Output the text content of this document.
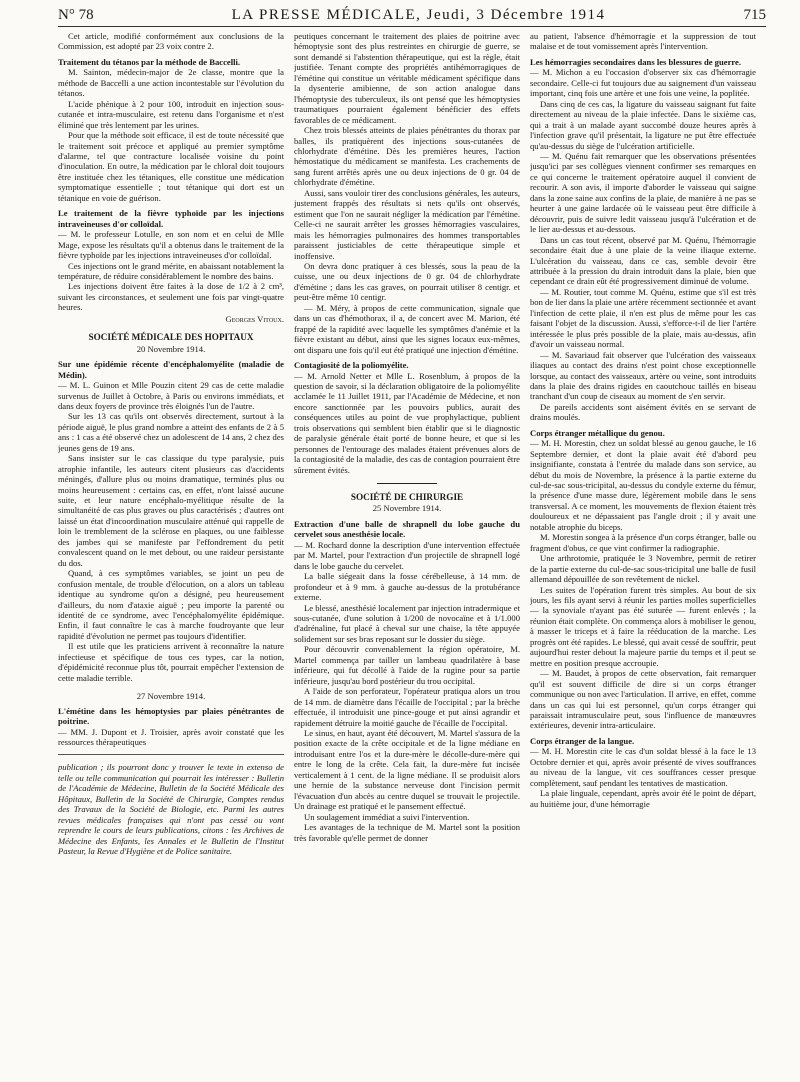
N° 78	LA PRESSE MÉDICALE, Jeudi, 3 Décembre 1914	715

Cet article, modifié conformément aux conclusions de la Commission, est adopté par 23 voix contre 2.

Traitement du tétanos par la méthode de Baccelli.

M. Sainton, médecin-major de 2e classe, montre que la méthode de Baccelli a une action incontestable sur l'évolution du tétanos.

L'acide phénique à 2 pour 100, introduit en injection sous-cutanée et intra-musculaire, est retenu dans l'organisme et n'est éliminé que très lentement par les urines.

Pour que la méthode soit efficace, il est de toute nécessité que le traitement soit précoce et appliqué au premier symptôme d'alarme, tel que contracture localisée voisine du point d'inoculation. En outre, la médication par le chloral doit toujours être instituée chez les tétaniques, elle constitue une médication symptomatique essentielle ; tout tétanique qui dort est un tétanique en voie de guérison.

Le traitement de la fièvre typhoïde par les injections intraveineuses d'or colloïdal.

— M. le professeur Lotulle, en son nom et en celui de Mlle Mage, expose les résultats qu'il a obtenus dans le traitement de la fièvre typhoïde par les injections intraveineuses d'or colloïdal.

Ces injections ont le grand mérite, en abaissant notablement la température, de réduire considérablement le nombre des bains.

Les injections doivent être faites à la dose de 1/2 à 2 cm³, suivant les circonstances, et seulement une fois par vingt-quatre heures.

Georges Vitoux.
SOCIÉTÉ MÉDICALE DES HOPITAUX
20 Novembre 1914.

Sur une épidémie récente d'encéphalomyélite (maladie de Médin).

— M. L. Guinon et Mlle Pouzin citent 29 cas de cette maladie survenus de Juillet à Octobre, à Paris ou environs immédiats, et dans deux foyers de province très éloignés l'un de l'autre.

Sur les 13 cas qu'ils ont observés directement, surtout à la période aiguë, le plus grand nombre a atteint des enfants de 2 à 5 ans : 1 cas a été observé chez un adolescent de 14 ans, 2 chez des jeunes gens de 19 ans.

Sans insister sur le cas classique du type paralysie, puis atrophie infantile, les auteurs citent plusieurs cas d'accidents méningés, d'allure plus ou moins dramatique, terminés plus ou moins heureusement : certains cas, en effet, n'ont laissé aucune suite, et leur nature encéphalo-myélitique résulte de la simultanéité de cas plus graves ou plus caractérisés ; d'autres ont laissé un état d'incoordination musculaire atténué qui rappelle de loin le tremblement de la sclérose en plaques, ou une faiblesse des jambes qui se manifeste par l'effondrement du petit convalescent quand on le met debout, ou une raideur persistante du dos.

Quand, à ces symptômes variables, se joint un peu de confusion mentale, de trouble d'élocution, on a alors un tableau identique au syndrome qu'on a désigné, peu heureusement d'ailleurs, du nom d'ataxie aiguë ; peu importe la parenté ou identité de ce syndrome, avec l'encéphalomyélite épidémique. Enfin, il faut connaître le cas à marche foudroyante que leur rapidité d'évolution ne permet pas toujours d'identifier.

Il est utile que les praticiens arrivent à reconnaître la nature infectieuse et spécifique de tous ces types, car la notion, d'épidémicité reconnue plus tôt, pourrait empêcher l'extension de cette maladie terrible.

27 Novembre 1914.

L'émétine dans les hémoptysies par plaies pénétrantes de poitrine.

— MM. J. Dupont et J. Troisier, après avoir constaté que les ressources thérapeutiques

publication ; ils pourront donc y trouver le texte in extenso de telle ou telle communication qui pourrait les intéresser : Bulletin de l'Académie de Médecine, Bulletin de la Société Médicale des Hôpitaux, Bulletin de la Société de Chirurgie, Comptes rendus des Travaux de la Société de Biologie, etc. Parmi les autres revues médicales françaises qui n'ont pas cessé ou vont reprendre le cours de leurs publications, citons : les Archives de Médecine des Enfants, les Annales et le Bulletin de l'Institut Pasteur, la Revue d'Hygiène et de Police sanitaire.

peutiques concernant le traitement des plaies de poitrine avec hémoptysie sont des plus restreintes en chirurgie de guerre, se sont demandé si l'abstention thérapeutique, qui est la règle, était justifiée. Tenant compte des propriétés antihémorragiques de l'émétine qui constitue un véritable médicament spécifique dans la dysenterie amibienne, de son action analogue dans l'hémoptysie des tuberculeux, ils ont pensé que les hémoptysies traumatiques pourraient également bénéficier des effets favorables de ce médicament.

Chez trois blessés atteints de plaies pénétrantes du thorax par balles, ils pratiquèrent des injections sous-cutanées de chlorhydrate d'émétine. Dès les premières heures, l'action hémostatique du médicament se manifesta. Les crachements de sang furent arrêtés après une ou deux injections de 0 gr. 04 de chlorhydrate d'émétine.

Aussi, sans vouloir tirer des conclusions générales, les auteurs, justement frappés des résultats si nets qu'ils ont observés, estiment que l'on ne saurait négliger la médication par l'émétine. Celle-ci ne saurait arrêter les grosses hémorragies vasculaires, mais les hémorragies pulmonaires des hommes transportables paraissent justiciables de cette thérapeutique simple et inoffensive.

On devra donc pratiquer à ces blessés, sous la peau de la cuisse, une ou deux injections de 0 gr. 04 de chlorhydrate d'émétine ; dans les cas graves, on pourrait utiliser 8 centigr. et peut-être même 10 centigr.

— M. Méry, à propos de cette communication, signale que dans un cas d'hémothorax, il a, de concert avec M. Marion, été frappé de la rapidité avec laquelle les symptômes d'anémie et la fièvre existant au début, ainsi que les signes locaux eux-mêmes, ont disparu une fois qu'il eut été pratiqué une injection d'émétine.

Contagiosité de la poliomyélite.

— M. Arnold Netter et Mlle L. Rosenblum, à propos de la question de savoir, si la déclaration obligatoire de la poliomyélite acclamée le 11 Juillet 1911, par l'Académie de Médecine, et non encore sanctionnée par les pouvoirs publics, aurait des conséquences utiles au point de vue prophylactique, publient trois observations qui semblent bien établir que si le diagnostic de paralysie générale était porté de bonne heure, et que si les personnes de l'entourage des malades étaient prévenues alors de la contagiosité de la maladie, des cas de contagion pourraient être sûrement évités.

SOCIÉTÉ DE CHIRURGIE
25 Novembre 1914.

Extraction d'une balle de shrapnell du lobe gauche du cervelet sous anesthésie locale.

— M. Rochard donne la description d'une intervention effectuée par M. Martel, pour l'extraction d'un projectile de shrapnell logé dans le lobe gauche du cervelet.

La balle siégeait dans la fosse cérébelleuse, à 14 mm. de profondeur et à 9 mm. à gauche au-dessus de la protubérance externe.

Le blessé, anesthésié localement par injection intradermique et sous-cutanée, d'une solution à 1/200 de novocaïne et à 1/1.000 d'adrénaline, fut placé à cheval sur une chaise, la tête appuyée solidement sur ses bras reposant sur le dossier du siège.

Pour découvrir convenablement la région opératoire, M. Martel commença par tailler un lambeau quadrilatère à base inférieure, qui fut décollé à l'aide de la rugine pour sa partie inférieure, jusqu'au bord postérieur du trou occipital.

A l'aide de son perforateur, l'opérateur pratiqua alors un trou de 14 mm. de diamètre dans l'écaille de l'occipital ; par la brèche effectuée, il introduisit une pince-gouge et put ainsi agrandir et rapidement détruire la moitié gauche de l'écaille de l'occipital.

Le sinus, en haut, ayant été découvert, M. Martel s'assura de la position exacte de la crête occipitale et de la ligne médiane en introduisant entre l'os et la dure-mère le décolle-dure-mère qui entre le long de la crête. Cela fait, la dure-mère fut incisée verticalement à 1 cent. de la ligne médiane. Il se produisit alors une hernie de la substance nerveuse dont l'incision permit l'évacuation d'un abcès au centre duquel se trouvait le projectile. Un drainage est pratiqué et le pansement effectué.

Un soulagement immédiat a suivi l'intervention.

Les avantages de la technique de M. Martel sont la position très favorable qu'elle permet de donner

au patient, l'absence d'hémorragie et la suppression de tout malaise et de tout vomissement après l'intervention.

Les hémorragies secondaires dans les blessures de guerre.

— M. Michon a eu l'occasion d'observer six cas d'hémorragie secondaire. Celle-ci fut toujours due au saignement d'un vaisseau important, cinq fois une artère et une fois une veine, la poplitée.

Dans cinq de ces cas, la ligature du vaisseau saignant fut faite directement au niveau de la plaie infectée. Dans le sixième cas, qui a trait à un malade ayant succombé douze heures après à l'infection grave qu'il présentait, la ligature ne put être effectuée qu'au-dessus du siège de l'ulcération artificielle.

— M. Quénu fait remarquer que les observations présentées jusqu'ici par ses collègues viennent confirmer ses remarques en ce qui concerne le traitement opératoire auquel il convient de recourir. A son avis, il importe d'aborder le vaisseau qui saigne dans la zone saine aux confins de la plaie, de manière à ne pas se heurter à une gaine lardacée où le vaisseau peut être difficile à découvrir, puis de suivre ledit vaisseau jusqu'à l'ulcération et de le lier au-dessus et au-dessous.

Dans un cas tout récent, observé par M. Quénu, l'hémorragie secondaire était due à une plaie de la veine iliaque externe. L'ulcération du vaisseau, dans ce cas, semble devoir être attribuée à la pression du drain introduit dans la plaie, bien que cependant ce drain eût été progressivement diminué de volume.

— M. Routier, tout comme M. Quénu, estime que s'il est très bon de lier dans la plaie une artère récemment sectionnée et avant l'infection de cette plaie, il n'en est plus de même pour les cas faisant l'objet de la discussion. Aussi, s'efforce-t-il de lier l'artère intéressée le plus près possible de la plaie, mais au-dessus, afin d'avoir un vaisseau normal.

— M. Savariaud fait observer que l'ulcération des vaisseaux iliaques au contact des drains n'est point chose exceptionnelle lorsque, au contact des vaisseaux, artère ou veine, sont introduits dans la plaie des drains rigides en caoutchouc taillés en biseau tranchant d'un coup de ciseaux au moment de s'en servir.

De pareils accidents sont aisément évités en se servant de drains moulés.

Corps étranger métallique du genou.

— M. H. Morestin, chez un soldat blessé au genou gauche, le 16 Septembre dernier, et dont la plaie avait été d'abord peu insignifiante, constata à l'entrée du malade dans son service, au début du mois de Novembre, la présence à la partie externe du cul-de-sac sous-tricipital, au-dessus du condyle externe du fémur, la présence d'une masse dure, légèrement mobile dans le sens transversal. A ce moment, les mouvements de flexion étaient très douloureux et ne dépassaient pas l'angle droit ; il y avait une notable atrophie du biceps.

M. Morestin songea à la présence d'un corps étranger, balle ou fragment d'obus, ce que vint confirmer la radiographie.

Une arthrotomie, pratiquée le 3 Novembre, permit de retirer de la partie externe du cul-de-sac sous-tricipital une balle de fusil allemand dépouillée de son revêtement de nickel.

Les suites de l'opération furent très simples. Au bout de six jours, les fils ayant servi à réunir les parties molles superficielles — la synoviale n'ayant pas été suturée — furent enlevés ; la réunion était complète. On commença alors à mobiliser le genou, à masser le triceps et à faire la rééducation de la marche. Les progrès ont été rapides. Le blessé, qui avait cessé de souffrir, peut aujourd'hui rester debout la majeure partie du temps et il peut se mettre en position presque accroupie.

— M. Baudet, à propos de cette observation, fait remarquer qu'il est souvent difficile de dire si un corps étranger communique ou non avec l'articulation. Il arrive, en effet, comme dans un cas qui lui est personnel, qu'un corps étranger qui paraissait intramusculaire peut, sous l'influence de manœuvres extérieures, devenir intra-articulaire.

Corps étranger de la langue.

— M. H. Morestin cite le cas d'un soldat blessé à la face le 13 Octobre dernier et qui, après avoir présenté de vives souffrances au niveau de la langue, vit ces souffrances cesser presque complètement, sauf pendant les tentatives de mastication.

La plaie linguale, cependant, après avoir été le point de départ, au huitième jour, d'une hémorragie
